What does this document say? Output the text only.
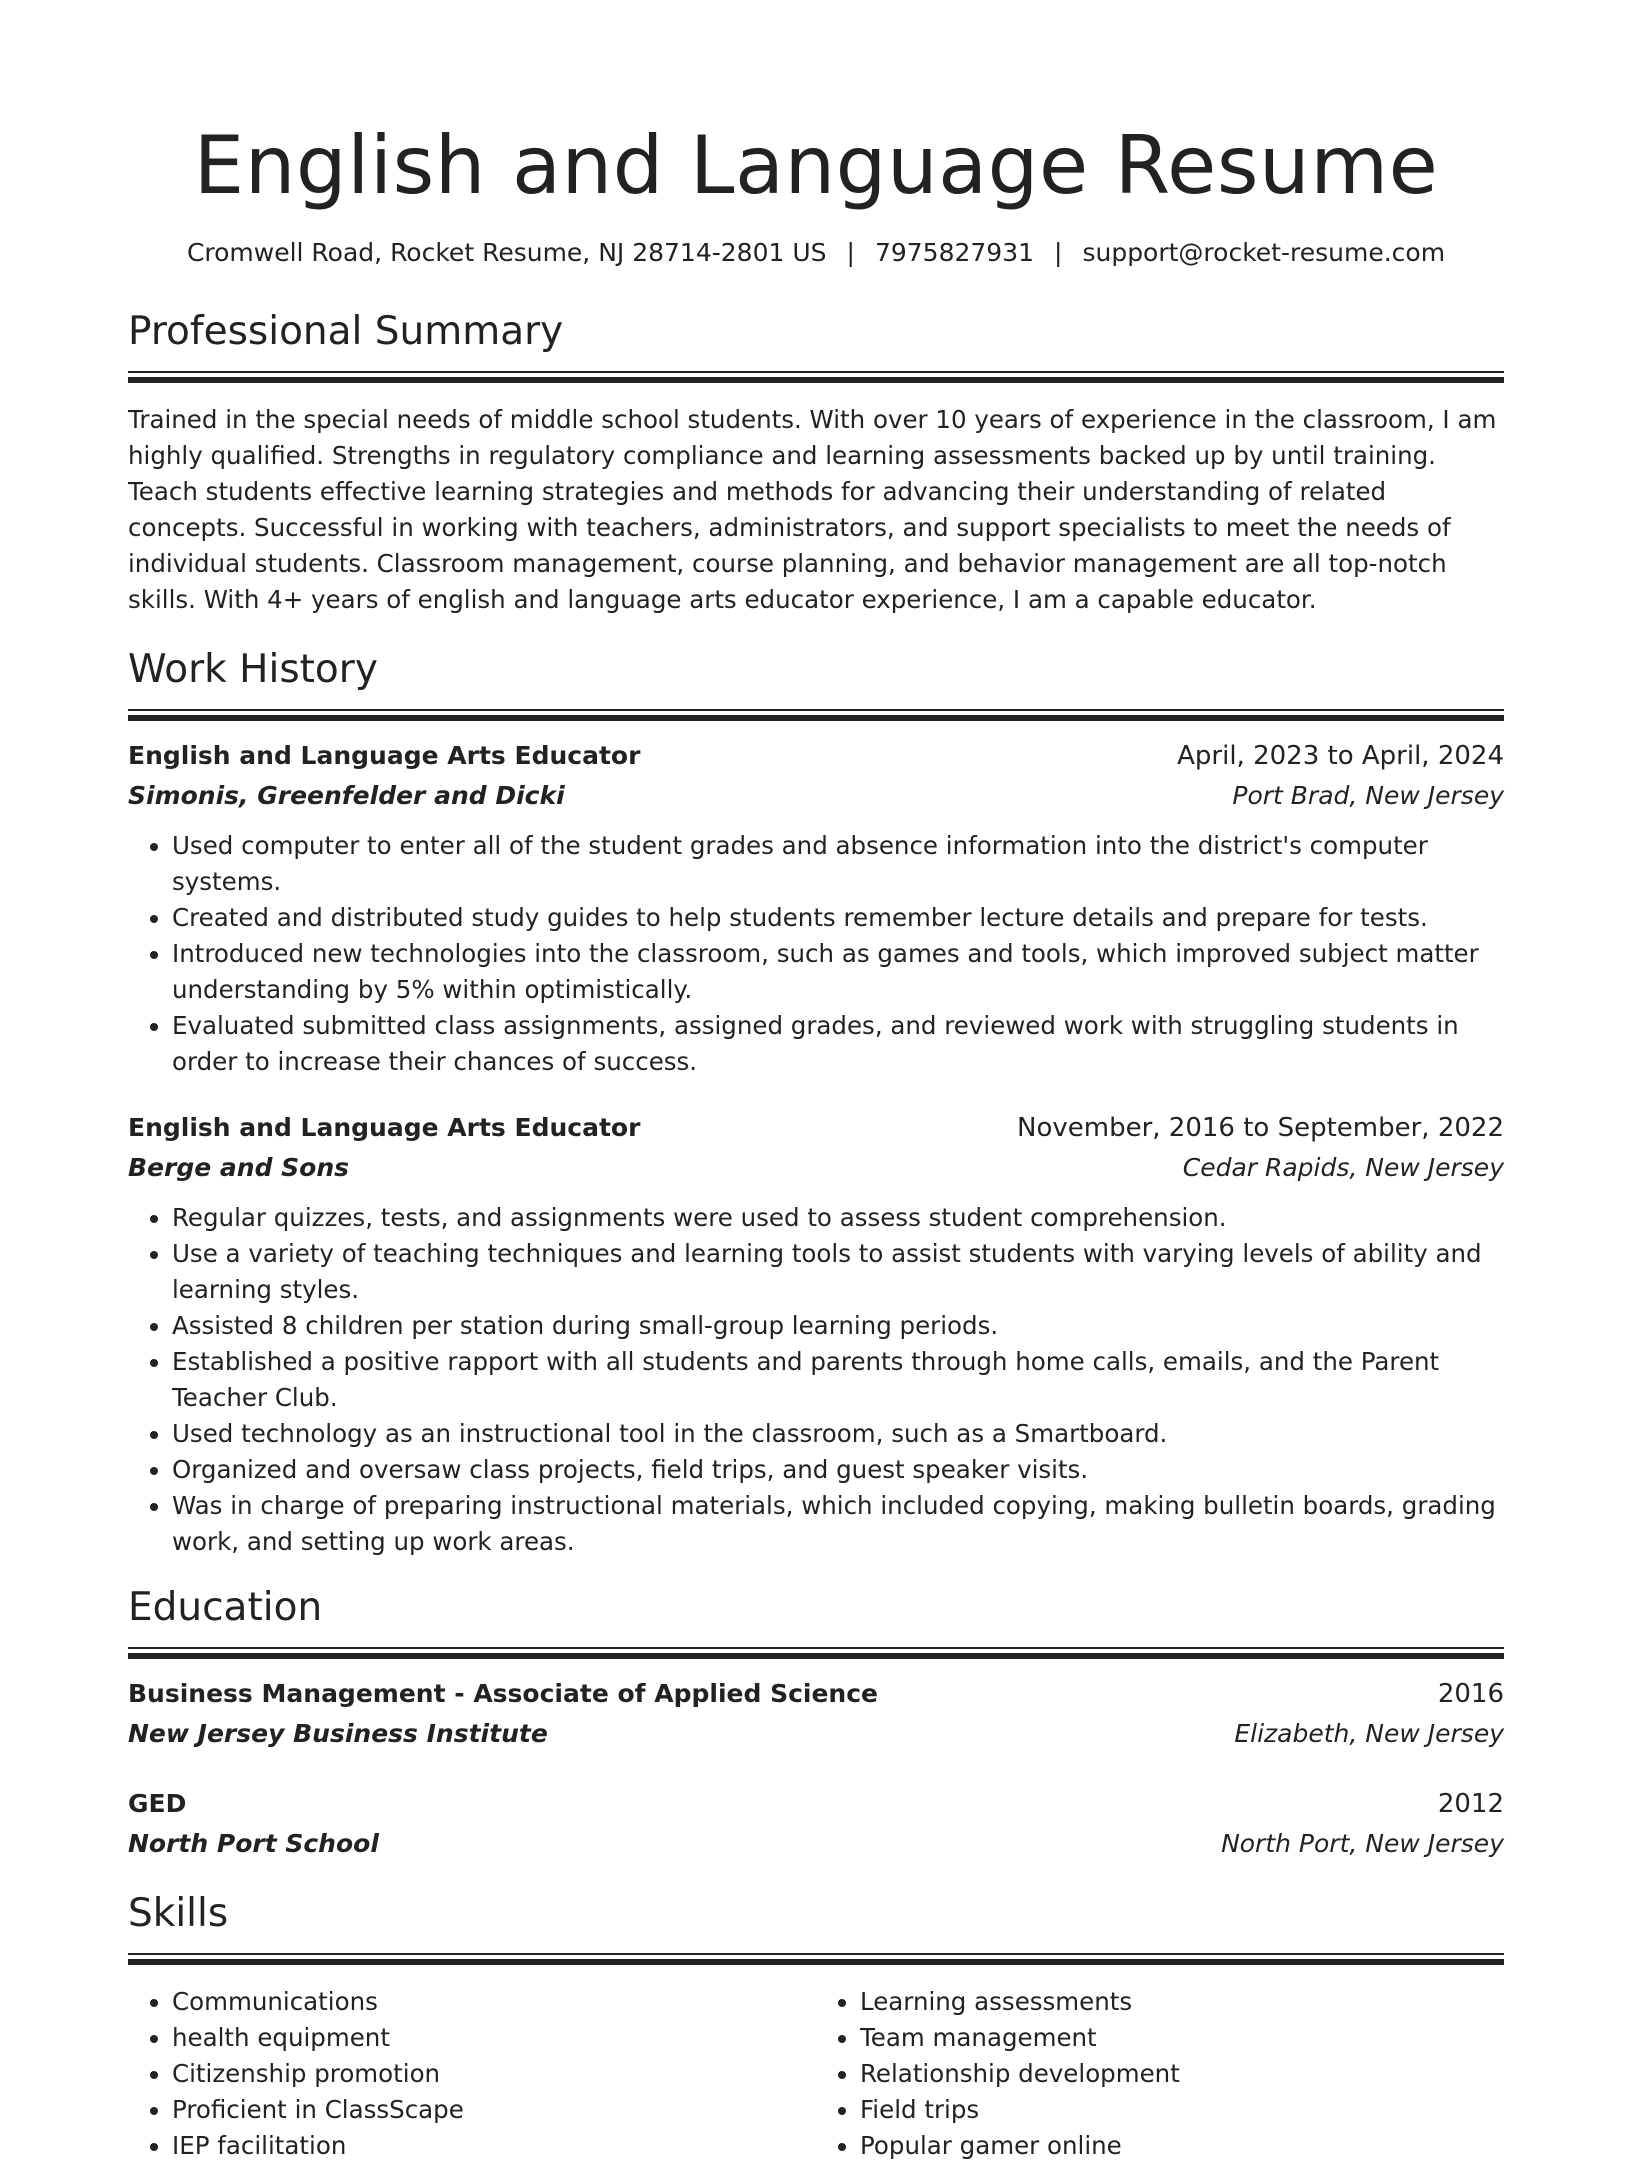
English and Language Resume
Cromwell Road, Rocket Resume, NJ 28714-2801 US | 7975827931 | support@rocket-resume.com
Professional Summary

Trained in the special needs of middle school students. With over 10 years of experience in the classroom, I am highly qualified. Strengths in regulatory compliance and learning assessments backed up by until training. Teach students effective learning strategies and methods for advancing their understanding of related concepts. Successful in working with teachers, administrators, and support specialists to meet the needs of individual students. Classroom management, course planning, and behavior management are all top-notch skills. With 4+ years of english and language arts educator experience, I am a capable educator.

Work History
English and Language Arts Educator	April, 2023 to April, 2024
Simonis, Greenfelder and Dicki	Port Brad, New Jersey
• Used computer to enter all of the student grades and absence information into the district's computer systems.
• Created and distributed study guides to help students remember lecture details and prepare for tests.
• Introduced new technologies into the classroom, such as games and tools, which improved subject matter understanding by 5% within optimistically.
• Evaluated submitted class assignments, assigned grades, and reviewed work with struggling students in order to increase their chances of success.
English and Language Arts Educator	November, 2016 to September, 2022
Berge and Sons	Cedar Rapids, New Jersey
• Regular quizzes, tests, and assignments were used to assess student comprehension.
• Use a variety of teaching techniques and learning tools to assist students with varying levels of ability and learning styles.
• Assisted 8 children per station during small-group learning periods.
• Established a positive rapport with all students and parents through home calls, emails, and the Parent Teacher Club.
• Used technology as an instructional tool in the classroom, such as a Smartboard.
• Organized and oversaw class projects, field trips, and guest speaker visits.
• Was in charge of preparing instructional materials, which included copying, making bulletin boards, grading work, and setting up work areas.
Education
Business Management - Associate of Applied Science	2016
New Jersey Business Institute	Elizabeth, New Jersey
GED	2012
North Port School	North Port, New Jersey
Skills
• Communications
• health equipment
• Citizenship promotion
• Proficient in ClassScape
• IEP facilitation
• Learning assessments
• Team management
• Relationship development
• Field trips
• Popular gamer online
